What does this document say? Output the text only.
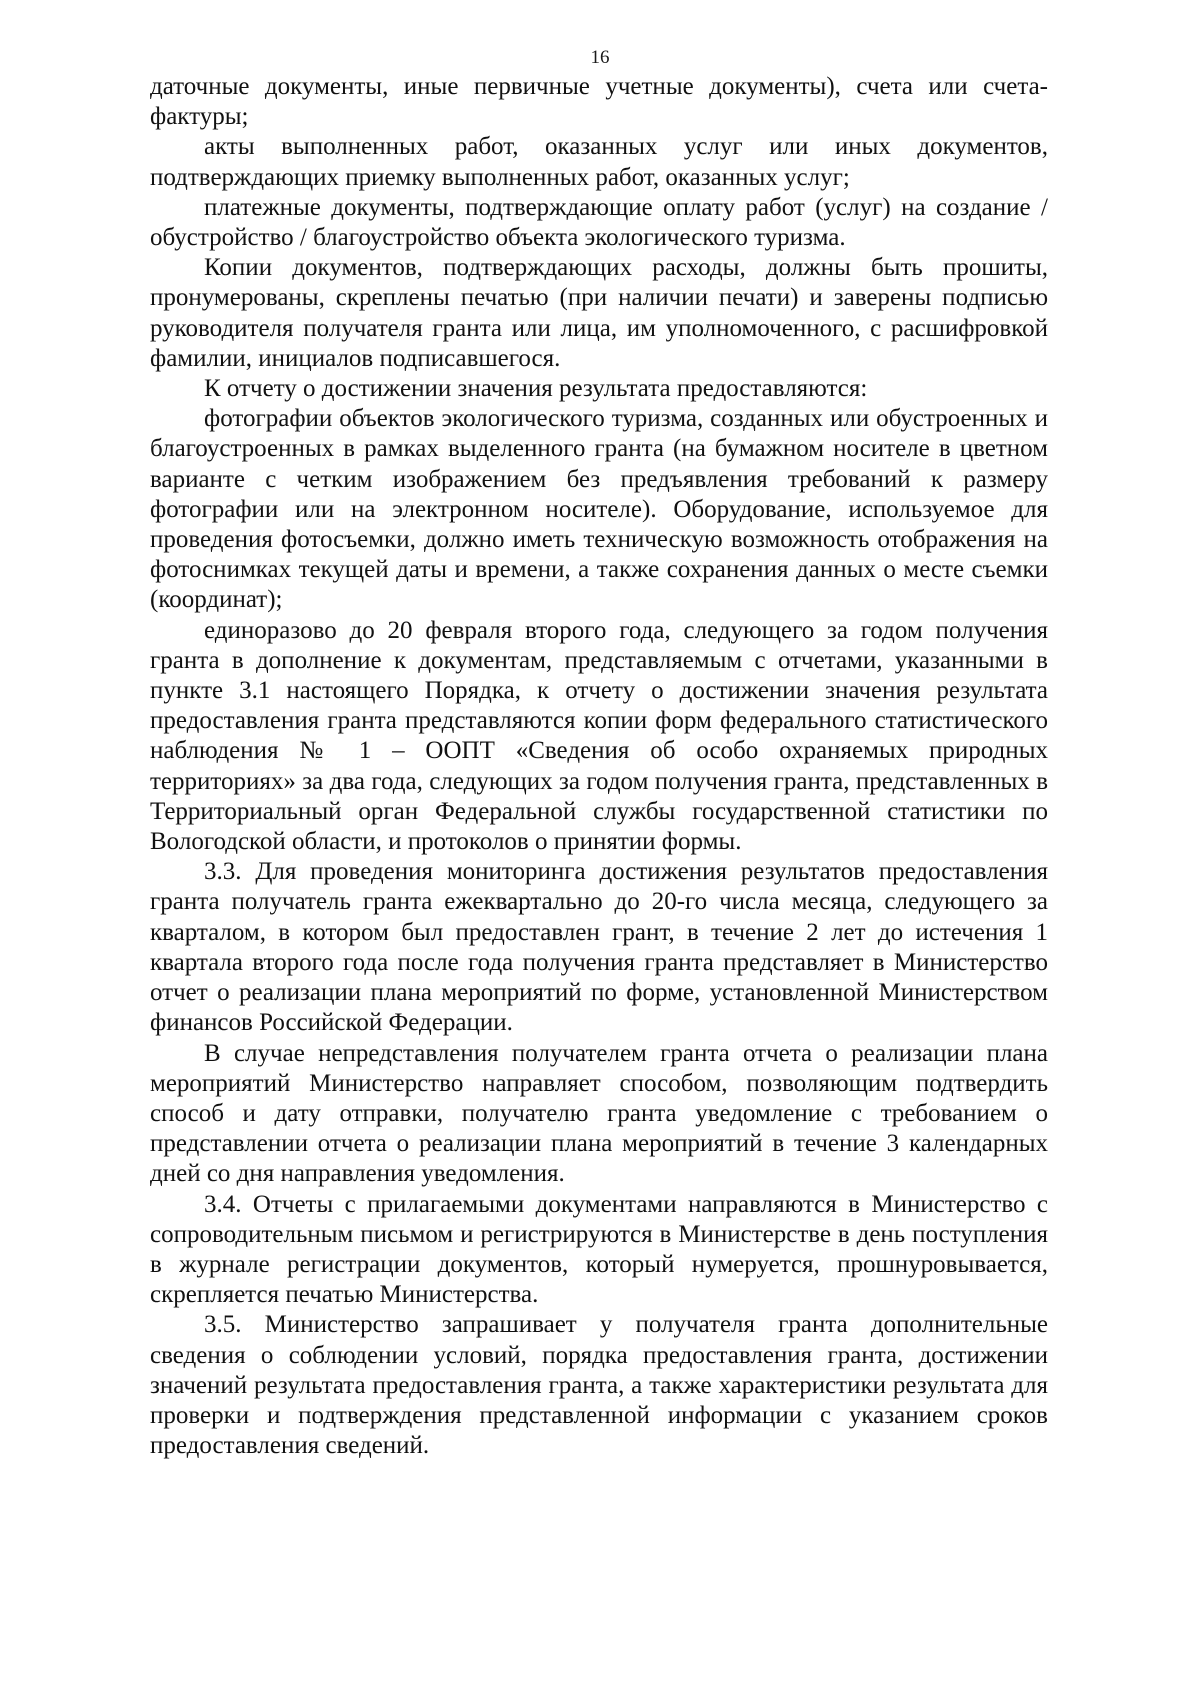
16

даточные документы, иные первичные учетные документы), счета или счета-фактуры;

акты выполненных работ, оказанных услуг или иных документов, подтверждающих приемку выполненных работ, оказанных услуг;

платежные документы, подтверждающие оплату работ (услуг) на создание / обустройство / благоустройство объекта экологического туризма.

Копии документов, подтверждающих расходы, должны быть прошиты, пронумерованы, скреплены печатью (при наличии печати) и заверены подписью руководителя получателя гранта или лица, им уполномоченного, с расшифровкой фамилии, инициалов подписавшегося.

К отчету о достижении значения результата предоставляются:

фотографии объектов экологического туризма, созданных или обустроенных и благоустроенных в рамках выделенного гранта (на бумажном носителе в цветном варианте с четким изображением без предъявления требований к размеру фотографии или на электронном носителе). Оборудование, используемое для проведения фотосъемки, должно иметь техническую возможность отображения на фотоснимках текущей даты и времени, а также сохранения данных о месте съемки (координат);

единоразово до 20 февраля второго года, следующего за годом получения гранта в дополнение к документам, представляемым с отчетами, указанными в пункте 3.1 настоящего Порядка, к отчету о достижении значения результата предоставления гранта представляются копии форм федерального статистического наблюдения № 1 – ООПТ «Сведения об особо охраняемых природных территориях» за два года, следующих за годом получения гранта, представленных в Территориальный орган Федеральной службы государственной статистики по Вологодской области, и протоколов о принятии формы.

3.3. Для проведения мониторинга достижения результатов предоставления гранта получатель гранта ежеквартально до 20-го числа месяца, следующего за кварталом, в котором был предоставлен грант, в течение 2 лет до истечения 1 квартала второго года после года получения гранта представляет в Министерство отчет о реализации плана мероприятий по форме, установленной Министерством финансов Российской Федерации.

В случае непредставления получателем гранта отчета о реализации плана мероприятий Министерство направляет способом, позволяющим подтвердить способ и дату отправки, получателю гранта уведомление с требованием о представлении отчета о реализации плана мероприятий в течение 3 календарных дней со дня направления уведомления.

3.4. Отчеты с прилагаемыми документами направляются в Министерство с сопроводительным письмом и регистрируются в Министерстве в день поступления в журнале регистрации документов, который нумеруется, прошнуровывается, скрепляется печатью Министерства.

3.5. Министерство запрашивает у получателя гранта дополнительные сведения о соблюдении условий, порядка предоставления гранта, достижении значений результата предоставления гранта, а также характеристики результата для проверки и подтверждения представленной информации с указанием сроков предоставления сведений.
